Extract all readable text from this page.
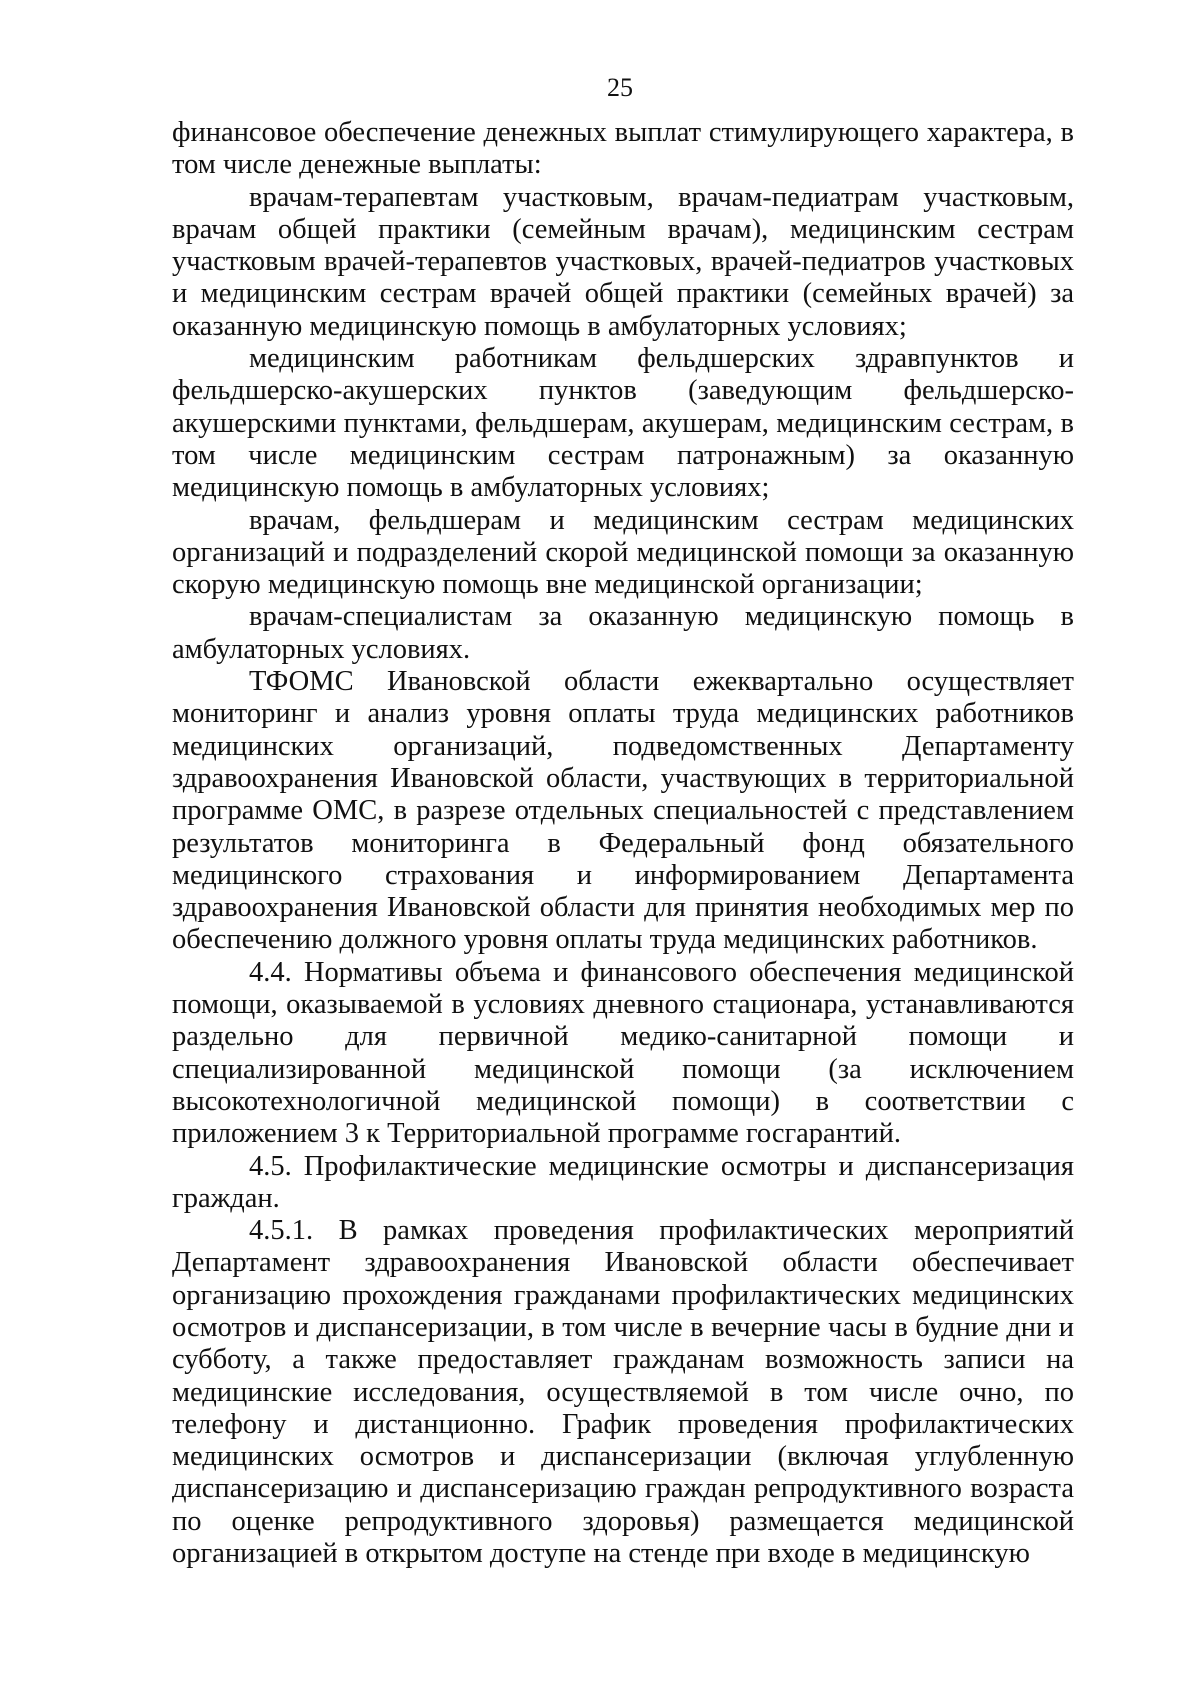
25

финансовое обеспечение денежных выплат стимулирующего характера, в том числе денежные выплаты:

врачам-терапевтам участковым, врачам-педиатрам участковым, врачам общей практики (семейным врачам), медицинским сестрам участковым врачей-терапевтов участковых, врачей-педиатров участковых и медицинским сестрам врачей общей практики (семейных врачей) за оказанную медицинскую помощь в амбулаторных условиях;

медицинским работникам фельдшерских здравпунктов и фельдшерско-акушерских пунктов (заведующим фельдшерско-акушерскими пунктами, фельдшерам, акушерам, медицинским сестрам, в том числе медицинским сестрам патронажным) за оказанную медицинскую помощь в амбулаторных условиях;

врачам, фельдшерам и медицинским сестрам медицинских организаций и подразделений скорой медицинской помощи за оказанную скорую медицинскую помощь вне медицинской организации;

врачам-специалистам за оказанную медицинскую помощь в амбулаторных условиях.

ТФОМС Ивановской области ежеквартально осуществляет мониторинг и анализ уровня оплаты труда медицинских работников медицинских организаций, подведомственных Департаменту здравоохранения Ивановской области, участвующих в территориальной программе ОМС, в разрезе отдельных специальностей с представлением результатов мониторинга в Федеральный фонд обязательного медицинского страхования и информированием Департамента здравоохранения Ивановской области для принятия необходимых мер по обеспечению должного уровня оплаты труда медицинских работников.

4.4. Нормативы объема и финансового обеспечения медицинской помощи, оказываемой в условиях дневного стационара, устанавливаются раздельно для первичной медико-санитарной помощи и специализированной медицинской помощи (за исключением высокотехнологичной медицинской помощи) в соответствии с приложением 3 к Территориальной программе госгарантий.

4.5. Профилактические медицинские осмотры и диспансеризация граждан.

4.5.1. В рамках проведения профилактических мероприятий Департамент здравоохранения Ивановской области обеспечивает организацию прохождения гражданами профилактических медицинских осмотров и диспансеризации, в том числе в вечерние часы в будние дни и субботу, а также предоставляет гражданам возможность записи на медицинские исследования, осуществляемой в том числе очно, по телефону и дистанционно. График проведения профилактических медицинских осмотров и диспансеризации (включая углубленную диспансеризацию и диспансеризацию граждан репродуктивного возраста по оценке репродуктивного здоровья) размещается медицинской организацией в открытом доступе на стенде при входе в медицинскую
